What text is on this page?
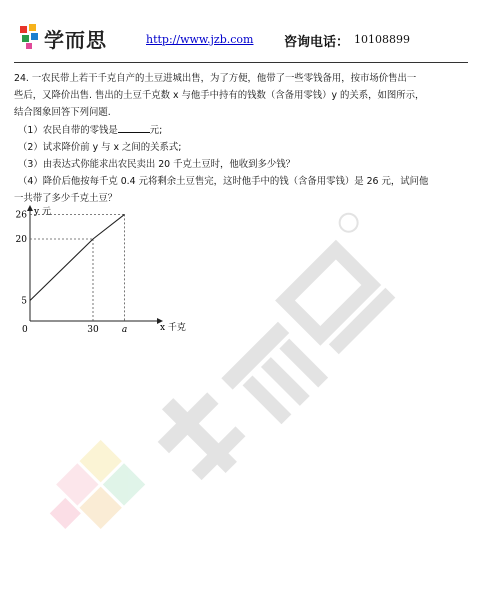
学而思	http://www.jzb.com 咨询电话： 10108899

24. 一农民带上若干千克自产的土豆进城出售，为了方便，他带了一些零钱备用，按市场价售出一

些后，又降价出售. 售出的土豆千克数 x 与他手中持有的钱数（含备用零钱）y 的关系，如图所示，

结合图象回答下列问题.

（1）农民自带的零钱是	元;

（2）试求降价前 y 与 x 之间的关系式;

（3）由表达式你能求出农民卖出 20 千克土豆时，他收到多少钱？

（4）降价后他按每千克 0.4 元将剩余土豆售完，这时他手中的钱（含备用零钱）是 26 元，试问他

一共带了多少千克土豆？

y 元
x 千克
0
5
20
26
30	a
